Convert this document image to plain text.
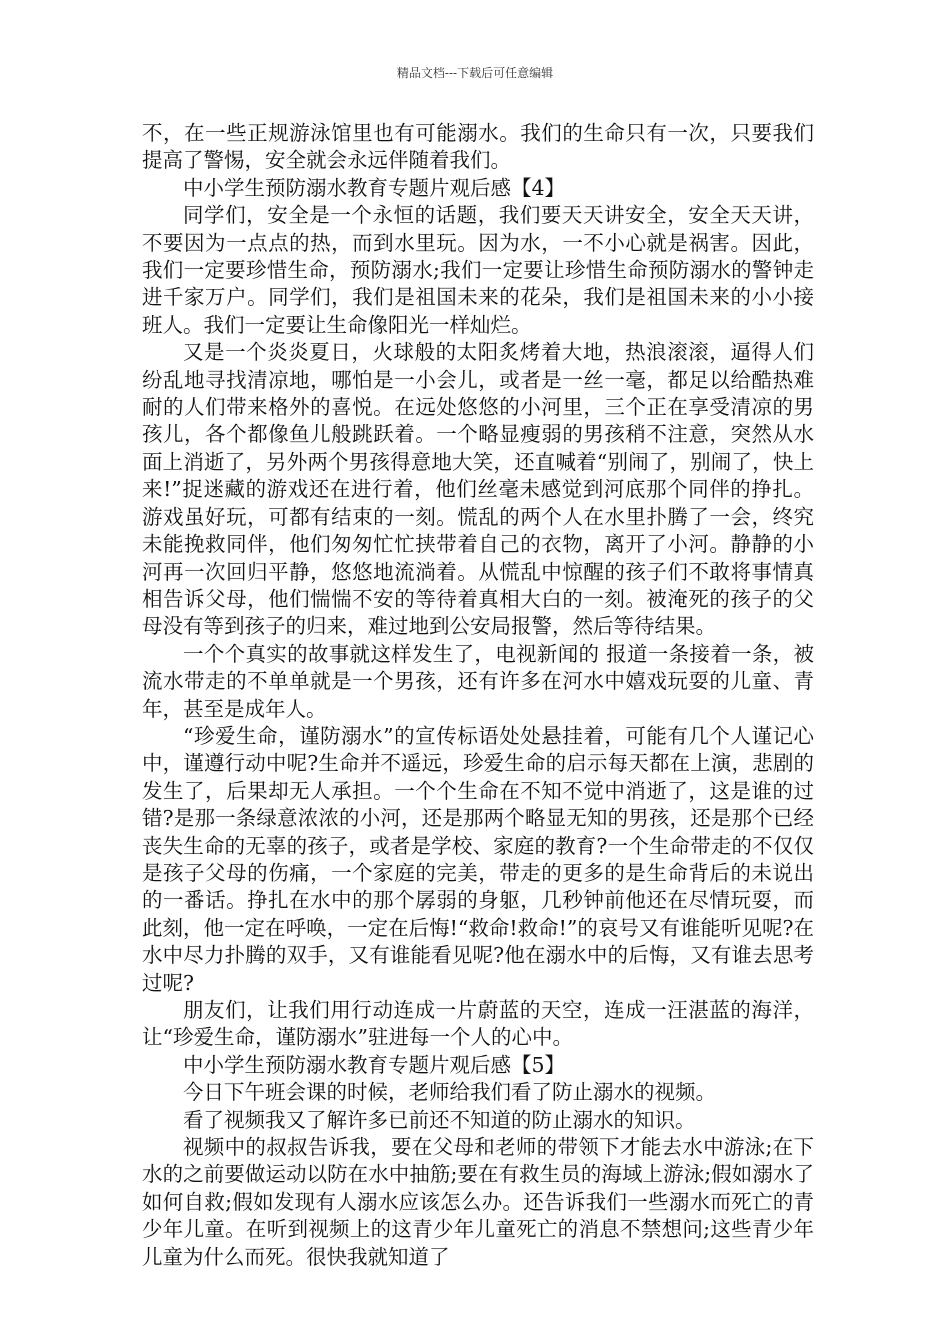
精品文档---下载后可任意编辑

不，在一些正规游泳馆里也有可能溺水。我们的生命只有一次，只要我们提高了警惕，安全就会永远伴随着我们。

中小学生预防溺水教育专题片观后感【4】

同学们，安全是一个永恒的话题，我们要天天讲安全，安全天天讲，不要因为一点点的热，而到水里玩。因为水，一不小心就是祸害。因此，我们一定要珍惜生命，预防溺水;我们一定要让珍惜生命预防溺水的警钟走进千家万户。同学们，我们是祖国未来的花朵，我们是祖国未来的小小接班人。我们一定要让生命像阳光一样灿烂。

又是一个炎炎夏日，火球般的太阳炙烤着大地，热浪滚滚，逼得人们纷乱地寻找清凉地，哪怕是一小会儿，或者是一丝一毫，都足以给酷热难耐的人们带来格外的喜悦。在远处悠悠的小河里，三个正在享受清凉的男孩儿，各个都像鱼儿般跳跃着。一个略显瘦弱的男孩稍不注意，突然从水面上消逝了，另外两个男孩得意地大笑，还直喊着“别闹了，别闹了，快上来!”捉迷藏的游戏还在进行着，他们丝毫未感觉到河底那个同伴的挣扎。游戏虽好玩，可都有结束的一刻。慌乱的两个人在水里扑腾了一会，终究未能挽救同伴，他们匆匆忙忙挟带着自己的衣物，离开了小河。静静的小河再一次回归平静，悠悠地流淌着。从慌乱中惊醒的孩子们不敢将事情真相告诉父母，他们惴惴不安的等待着真相大白的一刻。被淹死的孩子的父母没有等到孩子的归来，难过地到公安局报警，然后等待结果。

一个个真实的故事就这样发生了，电视新闻的 报道一条接着一条，被流水带走的不单单就是一个男孩，还有许多在河水中嬉戏玩耍的儿童、青年，甚至是成年人。

“珍爱生命，谨防溺水”的宣传标语处处悬挂着，可能有几个人谨记心中，谨遵行动中呢?生命并不遥远，珍爱生命的启示每天都在上演，悲剧的发生了，后果却无人承担。一个个生命在不知不觉中消逝了，这是谁的过错?是那一条绿意浓浓的小河，还是那两个略显无知的男孩，还是那个已经丧失生命的无辜的孩子，或者是学校、家庭的教育?一个生命带走的不仅仅是孩子父母的伤痛，一个家庭的完美，带走的更多的是生命背后的未说出的一番话。挣扎在水中的那个孱弱的身躯，几秒钟前他还在尽情玩耍，而此刻，他一定在呼唤，一定在后悔!“救命!救命!”的哀号又有谁能听见呢?在水中尽力扑腾的双手，又有谁能看见呢?他在溺水中的后悔，又有谁去思考过呢?

朋友们，让我们用行动连成一片蔚蓝的天空，连成一汪湛蓝的海洋，让“珍爱生命，谨防溺水”驻进每一个人的心中。

中小学生预防溺水教育专题片观后感【5】

今日下午班会课的时候，老师给我们看了防止溺水的视频。

看了视频我又了解许多已前还不知道的防止溺水的知识。

视频中的叔叔告诉我，要在父母和老师的带领下才能去水中游泳;在下水的之前要做运动以防在水中抽筋;要在有救生员的海域上游泳;假如溺水了如何自救;假如发现有人溺水应该怎么办。还告诉我们一些溺水而死亡的青少年儿童。在听到视频上的这青少年儿童死亡的消息不禁想问;这些青少年儿童为什么而死。很快我就知道了
